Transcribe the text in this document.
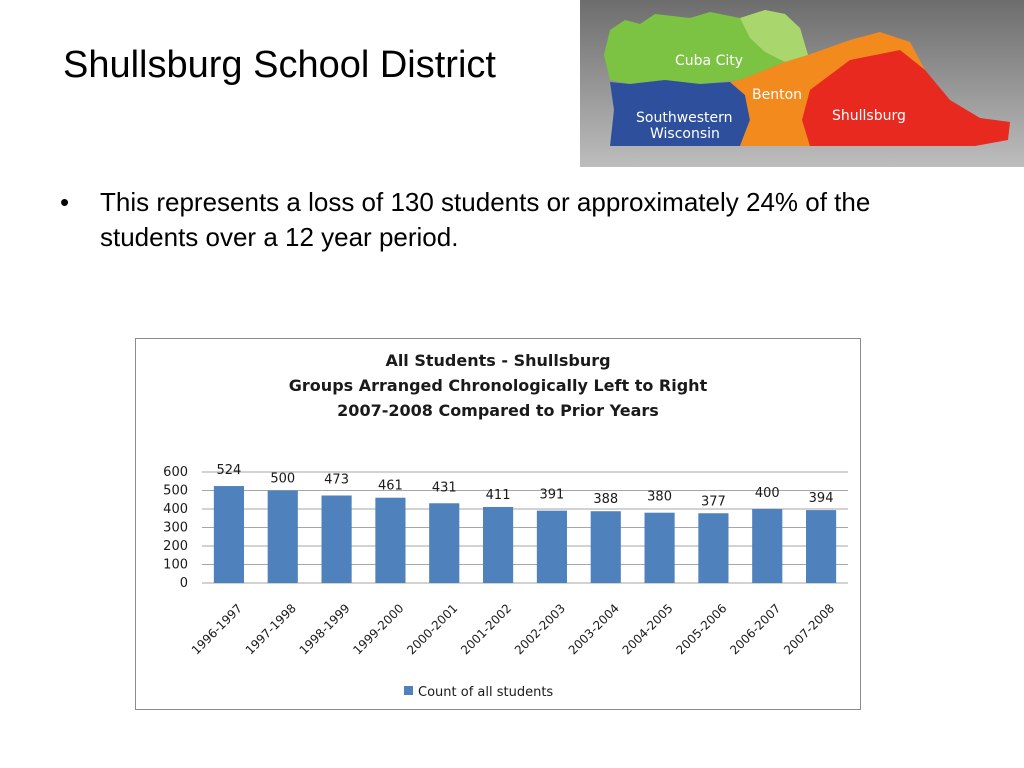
Shullsburg School District	Cuba City
Benton
Southwestern
Wisconsin
Shullsburg
• This represents a loss of 130 students or approximately 24% of the students over a 12 year period.
All Students - Shullsburg
Groups Arranged Chronologically Left to Right
2007-2008 Compared to Prior Years
0
100
200
300
400
500
600 524
500 473 461 431
411 391 388 380 377
400 394
1996-1997
1997-1998
1998-1999
1999-2000
2000-2001
2001-2002
2002-2003
2003-2004
2004-2005
2005-2006
2006-2007
2007-2008
Count of all students
